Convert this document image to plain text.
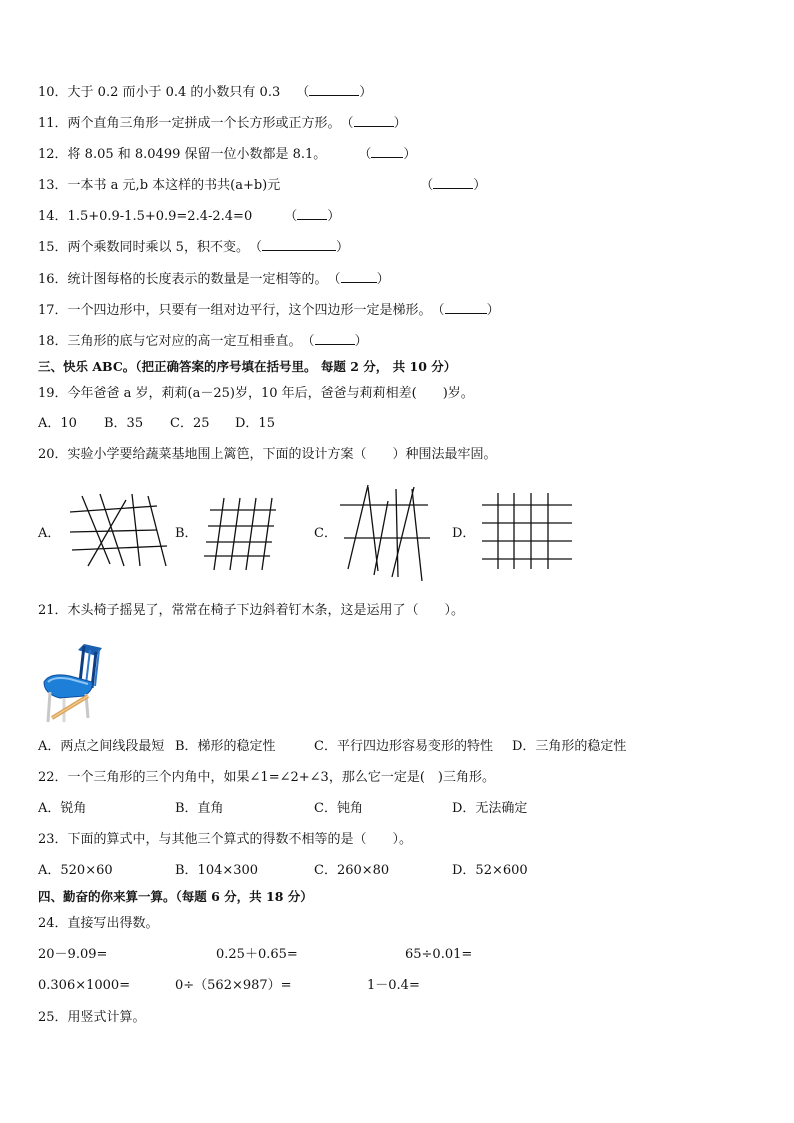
10．大于 0.2 而小于 0.4 的小数只有 0.3 （	）
11．两个直角三角形一定拼成一个长方形或正方形。（	）
12．将 8.05 和 8.0499 保留一位小数都是 8.1。 （ ）
13．一本书 a 元,b 本这样的书共(a+b)元	（	）
14．1.5+0.9-1.5+0.9=2.4-2.4=0 （ ）
15．两个乘数同时乘以 5，积不变。（	）
16．统计图每格的长度表示的数量是一定相等的。（	）
17．一个四边形中，只要有一组对边平行，这个四边形一定是梯形。（	）
18．三角形的底与它对应的高一定互相垂直。（	）
三、快乐 ABC。（把正确答案的序号填在括号里。 每题 2 分， 共 10 分）
19．今年爸爸 a 岁，莉莉(a－25)岁，10 年后，爸爸与莉莉相差(　　)岁。
A．10 B．35 C．25 D．15
20．实验小学要给蔬菜基地围上篱笆，下面的设计方案（　　）种围法最牢固。
A．	B．	C．	D．
21．木头椅子摇晃了，常常在椅子下边斜着钉木条，这是运用了（　　）。
A．两点之间线段最短 B．梯形的稳定性	C．平行四边形容易变形的特性 D．三角形的稳定性
22．一个三角形的三个内角中，如果∠1=∠2+∠3，那么它一定是(　)三角形。
A．锐角	B．直角	C．钝角	D．无法确定
23．下面的算式中，与其他三个算式的得数不相等的是（　　）。
A．520×60	B．104×300	C．260×80	D．52×600
四、勤奋的你来算一算。（每题 6 分，共 18 分）
24．直接写出得数。
20－9.09=	0.25＋0.65=	65÷0.01=
0.306×1000=	0÷（562×987）=	1－0.4=
25．用竖式计算。
